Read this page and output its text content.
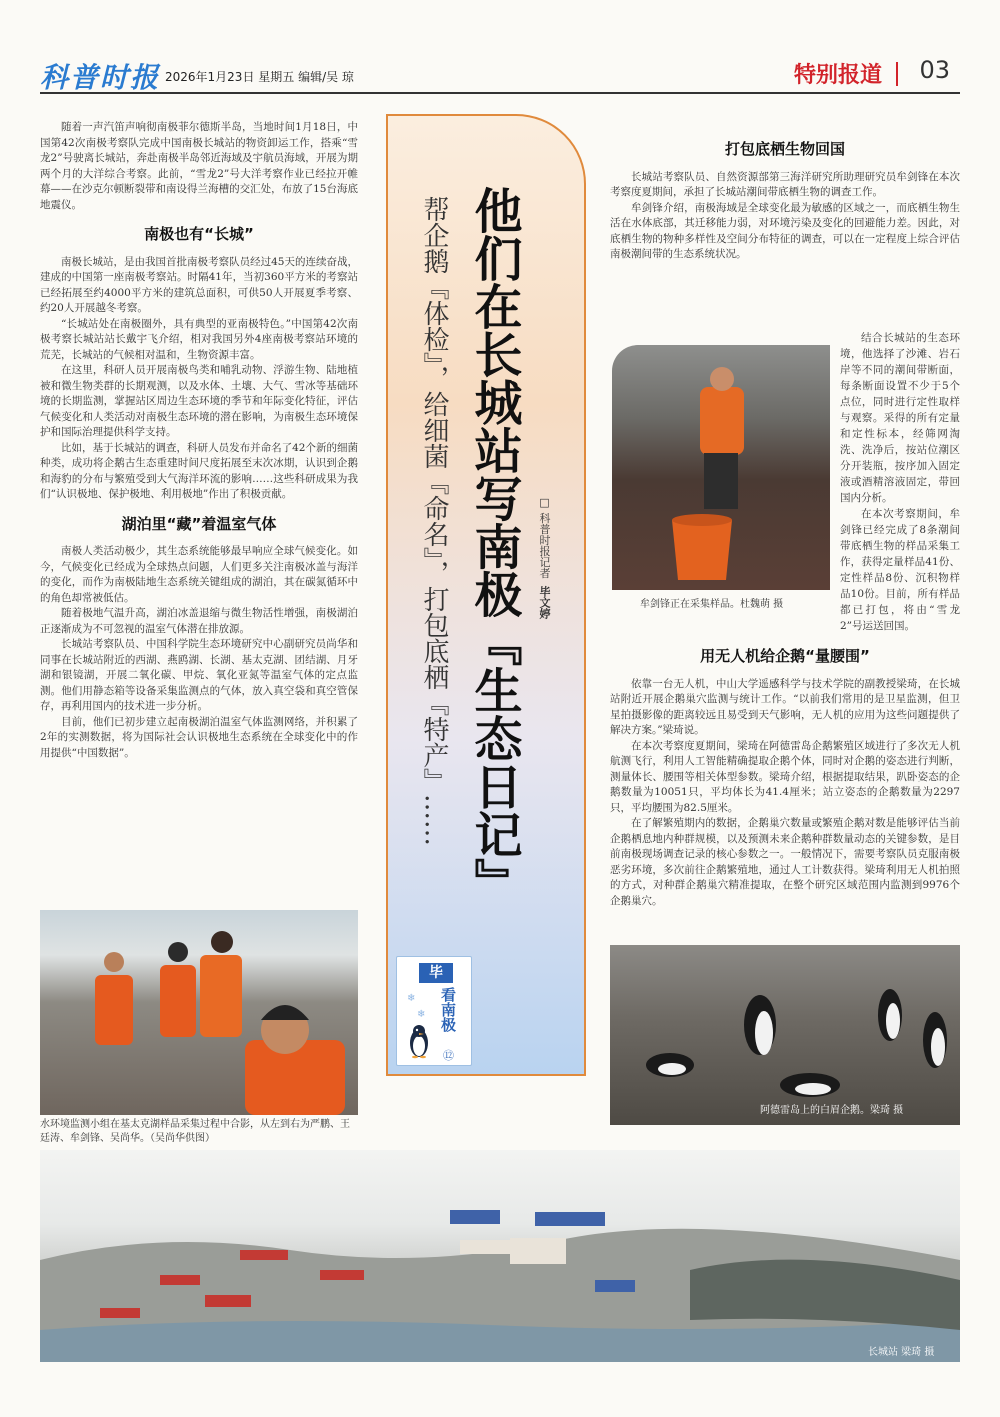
科普时报 2026年1月23日 星期五 编辑/吴 琼	特别报道 03

随着一声汽笛声响彻南极菲尔德斯半岛，当地时间1月18日，中国第42次南极考察队完成中国南极长城站的物资卸运工作，搭乘“雪龙2”号驶离长城站，奔赴南极半岛邻近海域及宇航员海域，开展为期两个月的大洋综合考察。此前，“雪龙2”号大洋考察作业已经拉开帷幕——在沙克尔顿断裂带和南设得兰海槽的交汇处，布放了15台海底地震仪。

南极也有“长城”

南极长城站，是由我国首批南极考察队员经过45天的连续奋战，建成的中国第一座南极考察站。时隔41年，当初360平方米的考察站已经拓展至约4000平方米的建筑总面积，可供50人开展夏季考察、约20人开展越冬考察。

“长城站处在南极圈外，具有典型的亚南极特色。”中国第42次南极考察长城站站长戴宇飞介绍，相对我国另外4座南极考察站环境的荒芜，长城站的气候相对温和，生物资源丰富。

在这里，科研人员开展南极鸟类和哺乳动物、浮游生物、陆地植被和微生物类群的长期观测，以及水体、土壤、大气、雪冰等基础环境的长期监测，掌握站区周边生态环境的季节和年际变化特征，评估气候变化和人类活动对南极生态环境的潜在影响，为南极生态环境保护和国际治理提供科学支持。

比如，基于长城站的调查，科研人员发布并命名了42个新的细菌种类，成功将企鹅古生态重建时间尺度拓展至末次冰期，认识到企鹅和海豹的分布与繁殖受到大气海洋环流的影响……这些科研成果为我们“认识极地、保护极地、利用极地”作出了积极贡献。

湖泊里“藏”着温室气体

南极人类活动极少，其生态系统能够最早响应全球气候变化。如今，气候变化已经成为全球热点问题，人们更多关注南极冰盖与海洋的变化，而作为南极陆地生态系统关键组成的湖泊，其在碳氮循环中的角色却常被低估。

随着极地气温升高，湖泊冰盖退缩与微生物活性增强，南极湖泊正逐渐成为不可忽视的温室气体潜在排放源。

长城站考察队员、中国科学院生态环境研究中心副研究员尚华和同事在长城站附近的西湖、燕鸥湖、长湖、基太克湖、团结湖、月牙湖和银镜湖，开展二氧化碳、甲烷、氧化亚氮等温室气体的定点监测。他们用静态箱等设备采集监测点的气体，放入真空袋和真空管保存，再利用国内的技术进一步分析。

目前，他们已初步建立起南极湖泊温室气体监测网络，并积累了2年的实测数据，将为国际社会认识极地生态系统在全球变化中的作用提供“中国数据”。	他们在长城站写南极『生态日记』
帮企鹅『体检』，给细菌『命名』，打包底栖『特产』……	□ 科普时报记者 毕文婷
毕
❄
❄ 看南极
⑫
打包底栖生物回国

长城站考察队员、自然资源部第三海洋研究所助理研究员牟剑锋在本次考察度夏期间，承担了长城站潮间带底栖生物的调查工作。

牟剑锋介绍，南极海域是全球变化最为敏感的区域之一，而底栖生物生活在水体底部，其迁移能力弱，对环境污染及变化的回避能力差。因此，对底栖生物的物种多样性及空间分布特征的调查，可以在一定程度上综合评估南极潮间带的生态系统状况。

结合长城站的生态环境，他选择了沙滩、岩石岸等不同的潮间带断面，每条断面设置不少于5个点位，同时进行定性取样与观察。采得的所有定量和定性标本，经筛网淘洗、洗净后，按站位潮区分开装瓶，按序加入固定液或酒精溶液固定，带回国内分析。

在本次考察期间，牟剑锋已经完成了8条潮间带底栖生物的样品采集工作，获得定量样品41份、定性样品8份、沉积物样品10份。目前，所有样品都已打包，将由“雪龙2”号运送回国。

牟剑锋正在采集样品。杜魏萌 摄
用无人机给企鹅“量腰围”

依靠一台无人机，中山大学遥感科学与技术学院的副教授梁琦，在长城站附近开展企鹅巢穴监测与统计工作。“以前我们常用的是卫星监测，但卫星拍摄影像的距离较远且易受到天气影响，无人机的应用为这些问题提供了解决方案。”梁琦说。

在本次考察度夏期间，梁琦在阿德雷岛企鹅繁殖区域进行了多次无人机航测飞行，利用人工智能精确提取企鹅个体，同时对企鹅的姿态进行判断，测量体长、腰围等相关体型参数。梁琦介绍，根据提取结果，趴卧姿态的企鹅数量为10051只，平均体长为41.4厘米；站立姿态的企鹅数量为2297只，平均腰围为82.5厘米。

在了解繁殖期内的数据，企鹅巢穴数量或繁殖企鹅对数是能够评估当前企鹅栖息地内种群规模，以及预测未来企鹅种群数量动态的关键参数，是目前南极现场调查记录的核心参数之一。一般情况下，需要考察队员克服南极恶劣环境，多次前往企鹅繁殖地，通过人工计数获得。梁琦利用无人机拍照的方式，对种群企鹅巢穴精准提取，在整个研究区域范围内监测到9976个企鹅巢穴。

水环境监测小组在基太克湖样品采集过程中合影，从左到右为严鹏、王廷涛、牟剑锋、吴尚华。（吴尚华供图）
阿德雷岛上的白眉企鹅。梁琦 摄
长城站 梁琦 摄
